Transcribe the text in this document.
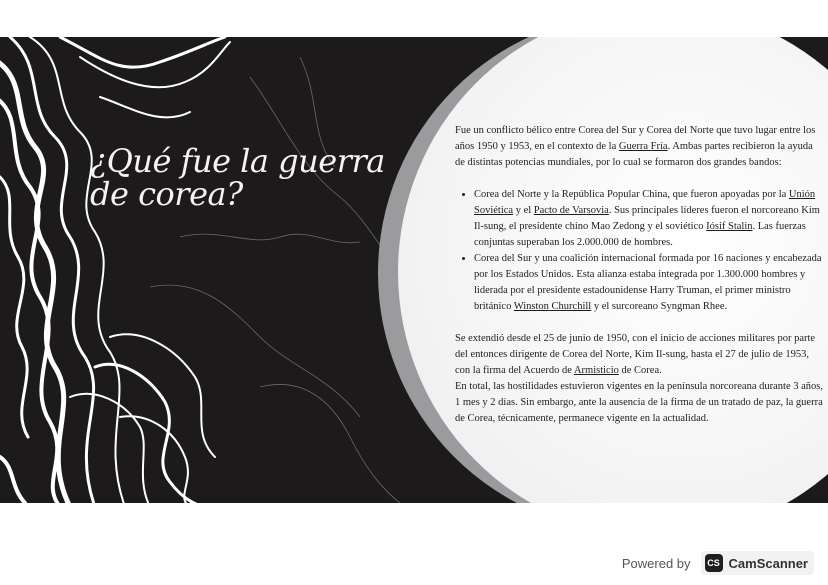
¿Qué fue la guerra de corea?

Fue un conflicto bélico entre Corea del Sur y Corea del Norte que tuvo lugar entre los años 1950 y 1953, en el contexto de la Guerra Fría. Ambas partes recibieron la ayuda de distintas potencias mundiales, por lo cual se formaron dos grandes bandos:

• Corea del Norte y la República Popular China, que fueron apoyadas por la Unión Soviética y el Pacto de Varsovia. Sus principales líderes fueron el norcoreano Kim Il-sung, el presidente chino Mao Zedong y el soviético Iósif Stalin. Las fuerzas conjuntas superaban los 2.000.000 de hombres.
• Corea del Sur y una coalición internacional formada por 16 naciones y encabezada por los Estados Unidos. Esta alianza estaba integrada por 1.300.000 hombres y liderada por el presidente estadounidense Harry Truman, el primer ministro británico Winston Churchill y el surcoreano Syngman Rhee.

Se extendió desde el 25 de junio de 1950, con el inicio de acciones militares por parte del entonces dirigente de Corea del Norte, Kim Il-sung, hasta el 27 de julio de 1953, con la firma del Acuerdo de Armisticio de Corea.

En total, las hostilidades estuvieron vigentes en la península norcoreana durante 3 años, 1 mes y 2 días. Sin embargo, ante la ausencia de la firma de un tratado de paz, la guerra de Corea, técnicamente, permanece vigente en la actualidad.

Powered by	CS CamScanner
